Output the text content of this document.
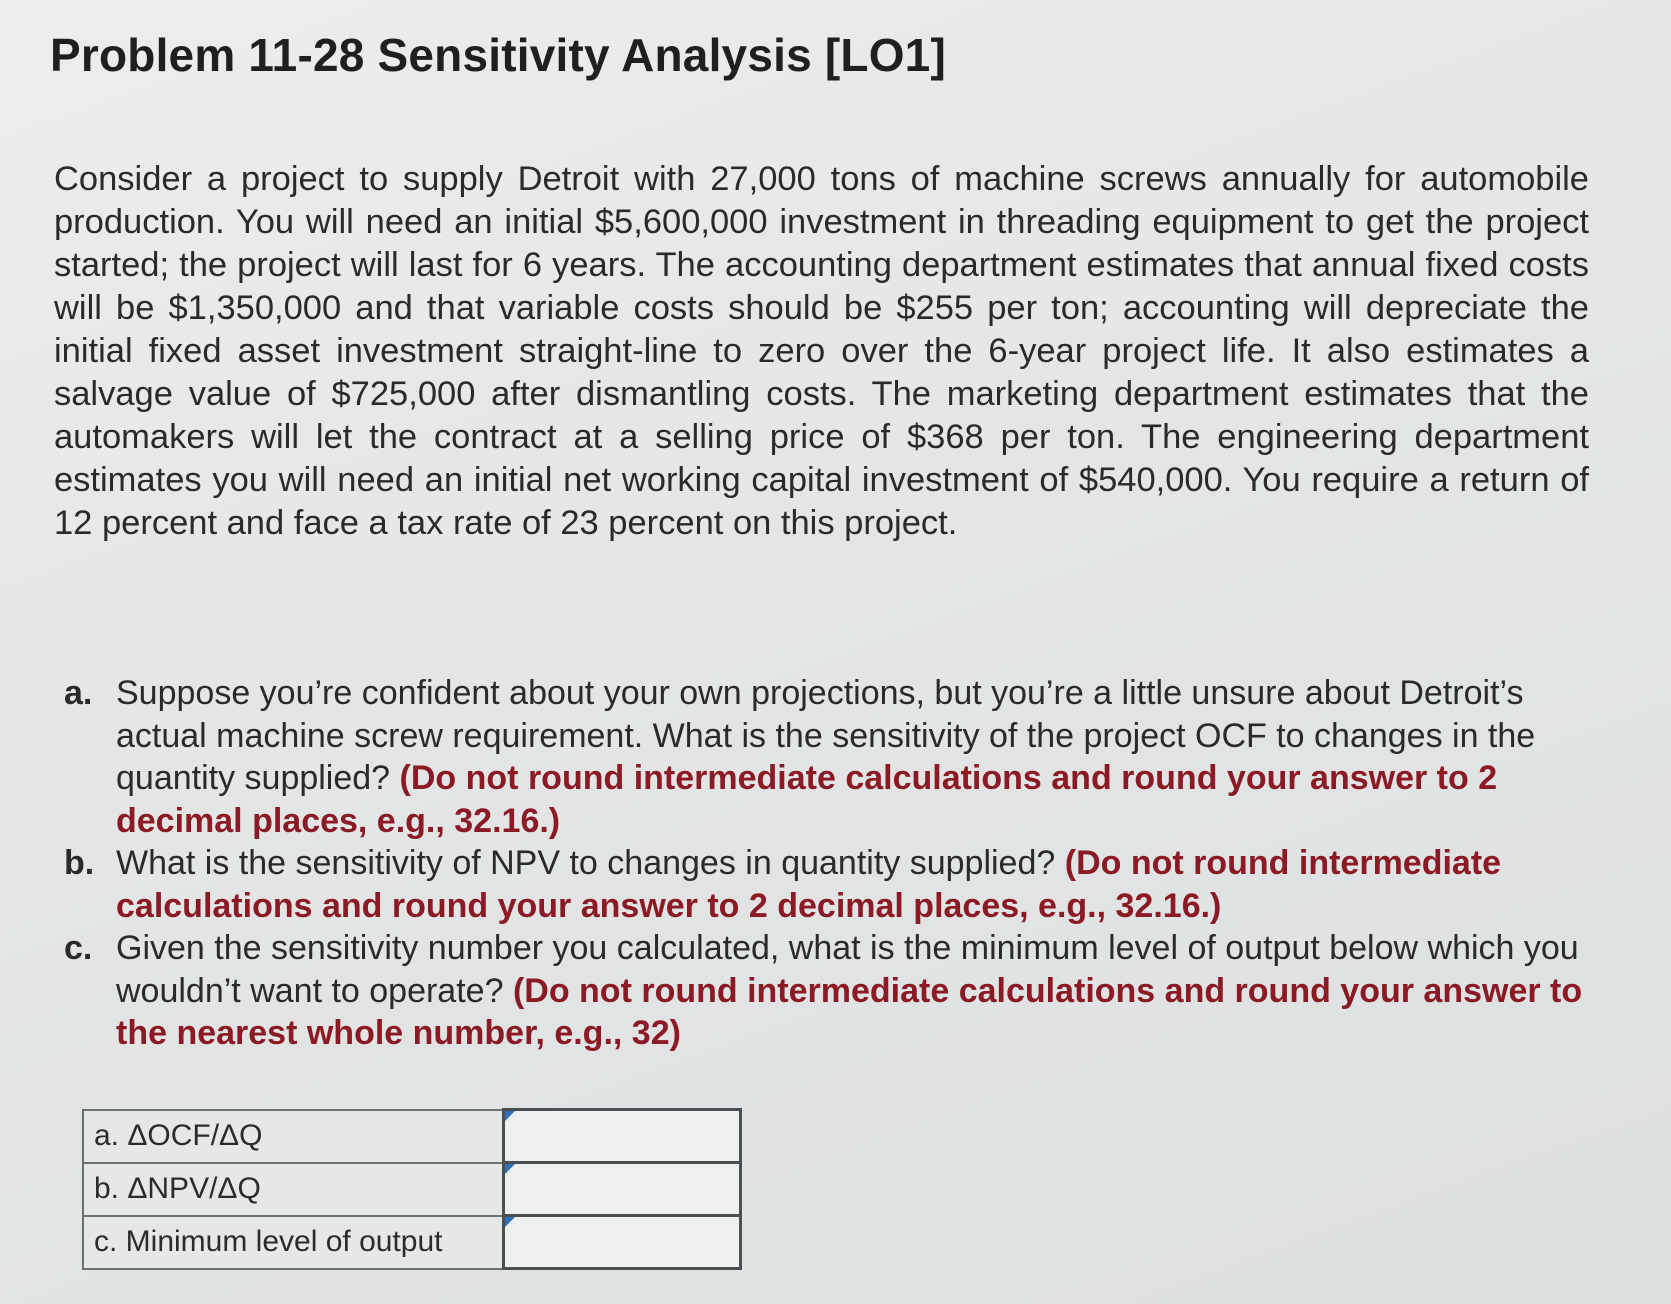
Problem 11-28 Sensitivity Analysis [LO1]

Consider a project to supply Detroit with 27,000 tons of machine screws annually for automobile production. You will need an initial $5,600,000 investment in threading equipment to get the project started; the project will last for 6 years. The accounting department estimates that annual fixed costs will be $1,350,000 and that variable costs should be $255 per ton; accounting will depreciate the initial fixed asset investment straight-line to zero over the 6-year project life. It also estimates a salvage value of $725,000 after dismantling costs. The marketing department estimates that the automakers will let the contract at a selling price of $368 per ton. The engineering department estimates you will need an initial net working capital investment of $540,000. You require a return of 12 percent and face a tax rate of 23 percent on this project.

a. Suppose you’re confident about your own projections, but you’re a little unsure about Detroit’s actual machine screw requirement. What is the sensitivity of the project OCF to changes in the quantity supplied? (Do not round intermediate calculations and round your answer to 2 decimal places, e.g., 32.16.)
b. What is the sensitivity of NPV to changes in quantity supplied? (Do not round intermediate calculations and round your answer to 2 decimal places, e.g., 32.16.)
c. Given the sensitivity number you calculated, what is the minimum level of output below which you wouldn’t want to operate? (Do not round intermediate calculations and round your answer to the nearest whole number, e.g., 32)
a. ΔOCF/ΔQ	

b. ΔNPV/ΔQ	

c. Minimum level of output	
